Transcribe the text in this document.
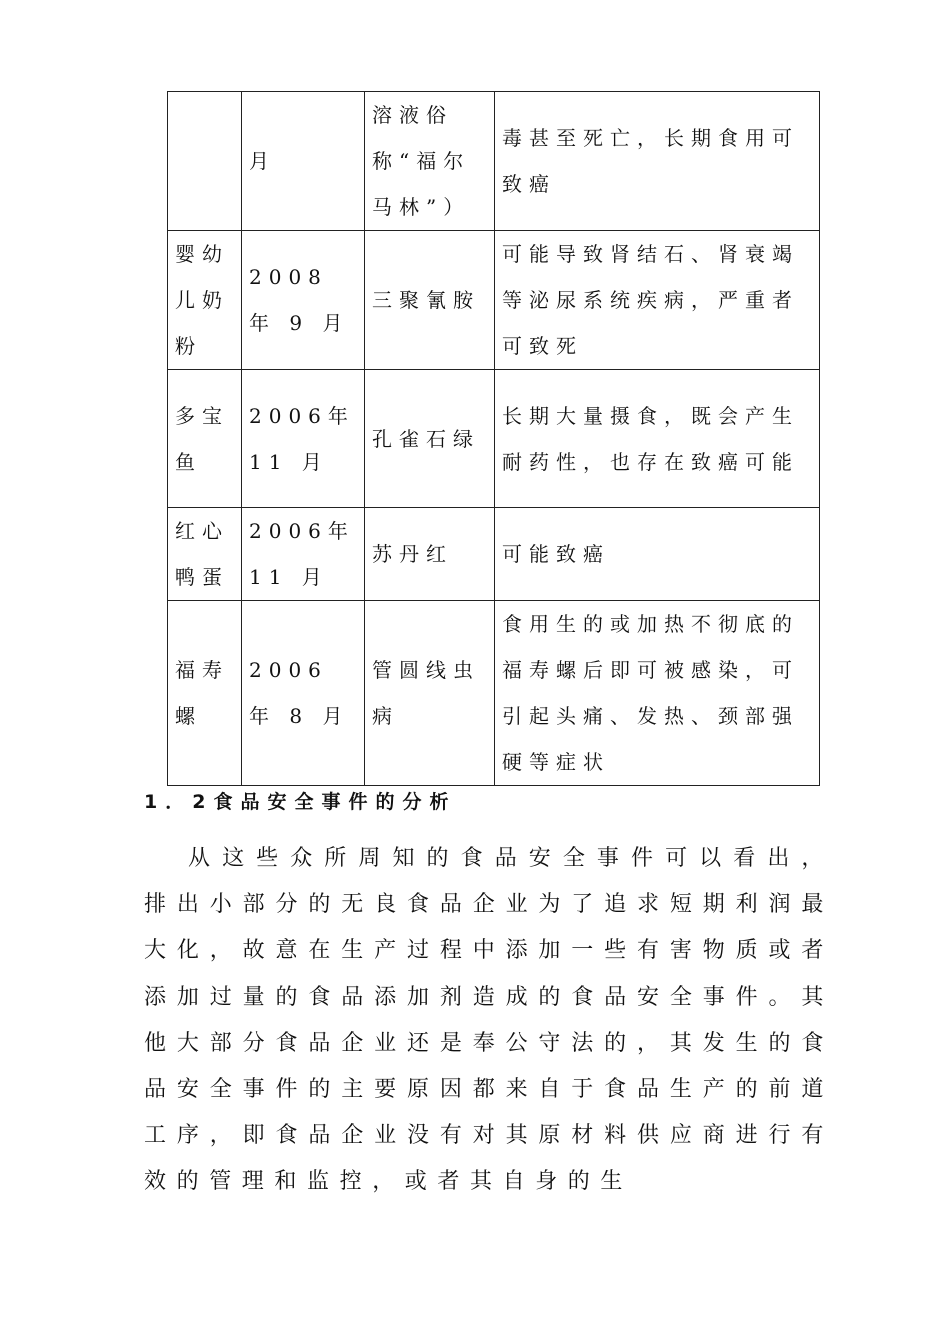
	月	溶液俗称“福尔马林”）	毒甚至死亡，长期食用可致癌
婴幼儿奶粉	2008 年 9 月	三聚氰胺	可能导致肾结石、肾衰竭等泌尿系统疾病，严重者可致死
多宝鱼	2006年 11 月	孔雀石绿	长期大量摄食，既会产生耐药性，也存在致癌可能
红心鸭蛋	2006年 11 月	苏丹红	可能致癌
福寿螺	2006 年 8 月	管圆线虫病	食用生的或加热不彻底的福寿螺后即可被感染，可引起头痛、发热、颈部强硬等症状
1．2食品安全事件的分析

从这些众所周知的食品安全事件可以看出，排出小部分的无良食品企业为了追求短期利润最大化，故意在生产过程中添加一些有害物质或者添加过量的食品添加剂造成的食品安全事件。其他大部分食品企业还是奉公守法的，其发生的食品安全事件的主要原因都来自于食品生产的前道工序，即食品企业没有对其原材料供应商进行有效的管理和监控，或者其自身的生
